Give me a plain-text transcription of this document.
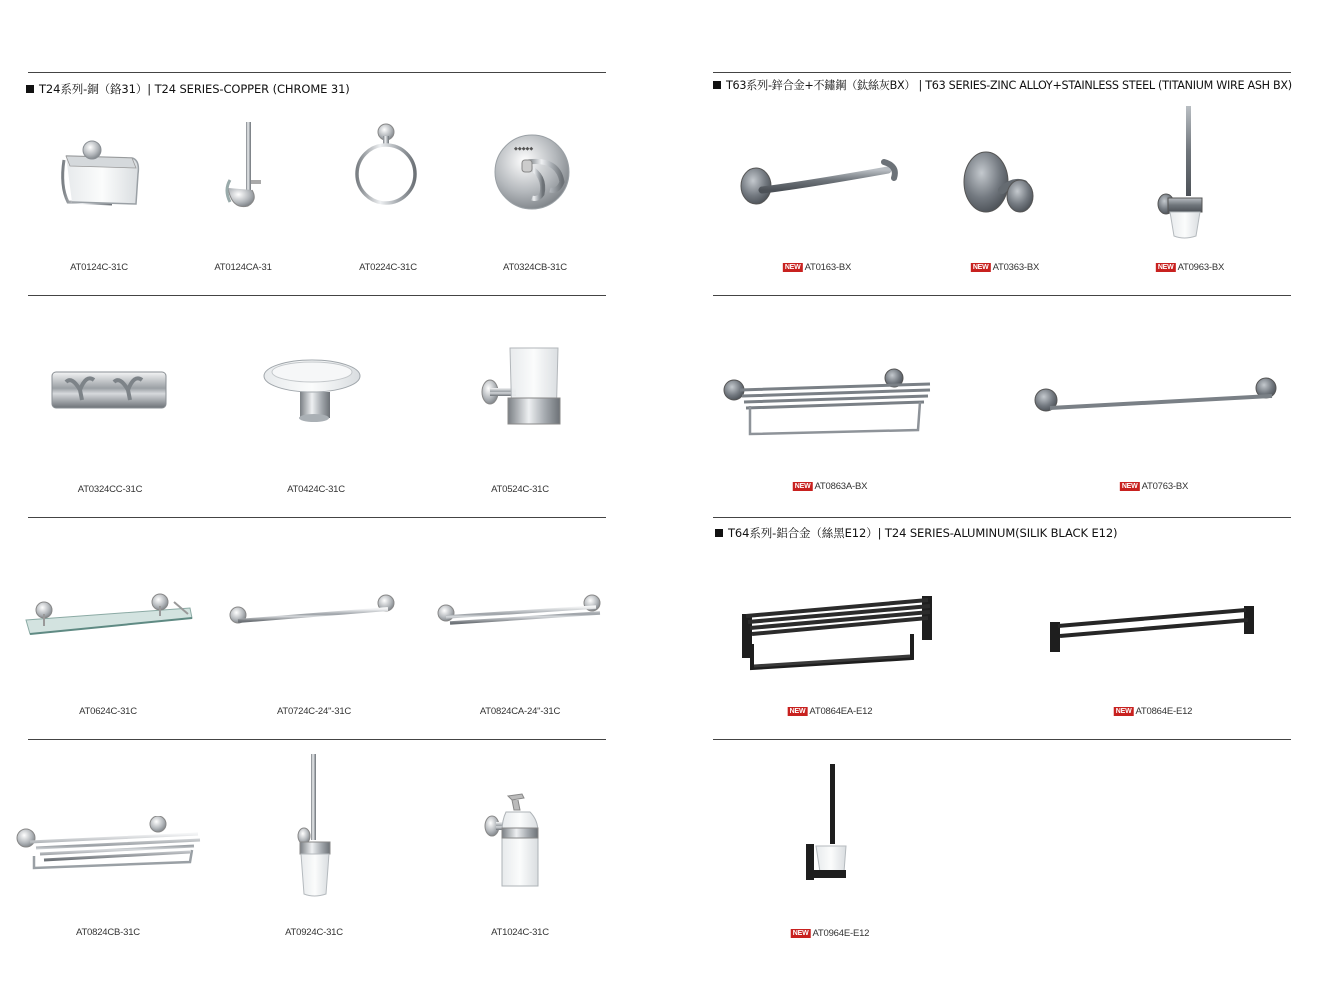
T24系列-銅（鉻31）| T24 SERIES-COPPER (CHROME 31)
◆◆◆◆◆
AT0124C-31C	AT0124CA-31	AT0224C-31C	AT0324CB-31C
AT0324CC-31C	AT0424C-31C	AT0524C-31C
AT0624C-31C	AT0724C-24"-31C	AT0824CA-24"-31C
AT0824CB-31C	AT0924C-31C	AT1024C-31C
T63系列-鋅合金+不鏽鋼（鈦絲灰BX） | T63 SERIES-ZINC ALLOY+STAINLESS STEEL (TITANIUM WIRE ASH BX)
NEW AT0163-BX	NEW AT0363-BX	NEW AT0963-BX
NEW AT0863A-BX	NEW AT0763-BX
T64系列-鋁合金（絲黑E12）| T24 SERIES-ALUMINUM(SILIK BLACK E12)
NEW AT0864EA-E12	NEW AT0864E-E12
NEW AT0964E-E12
